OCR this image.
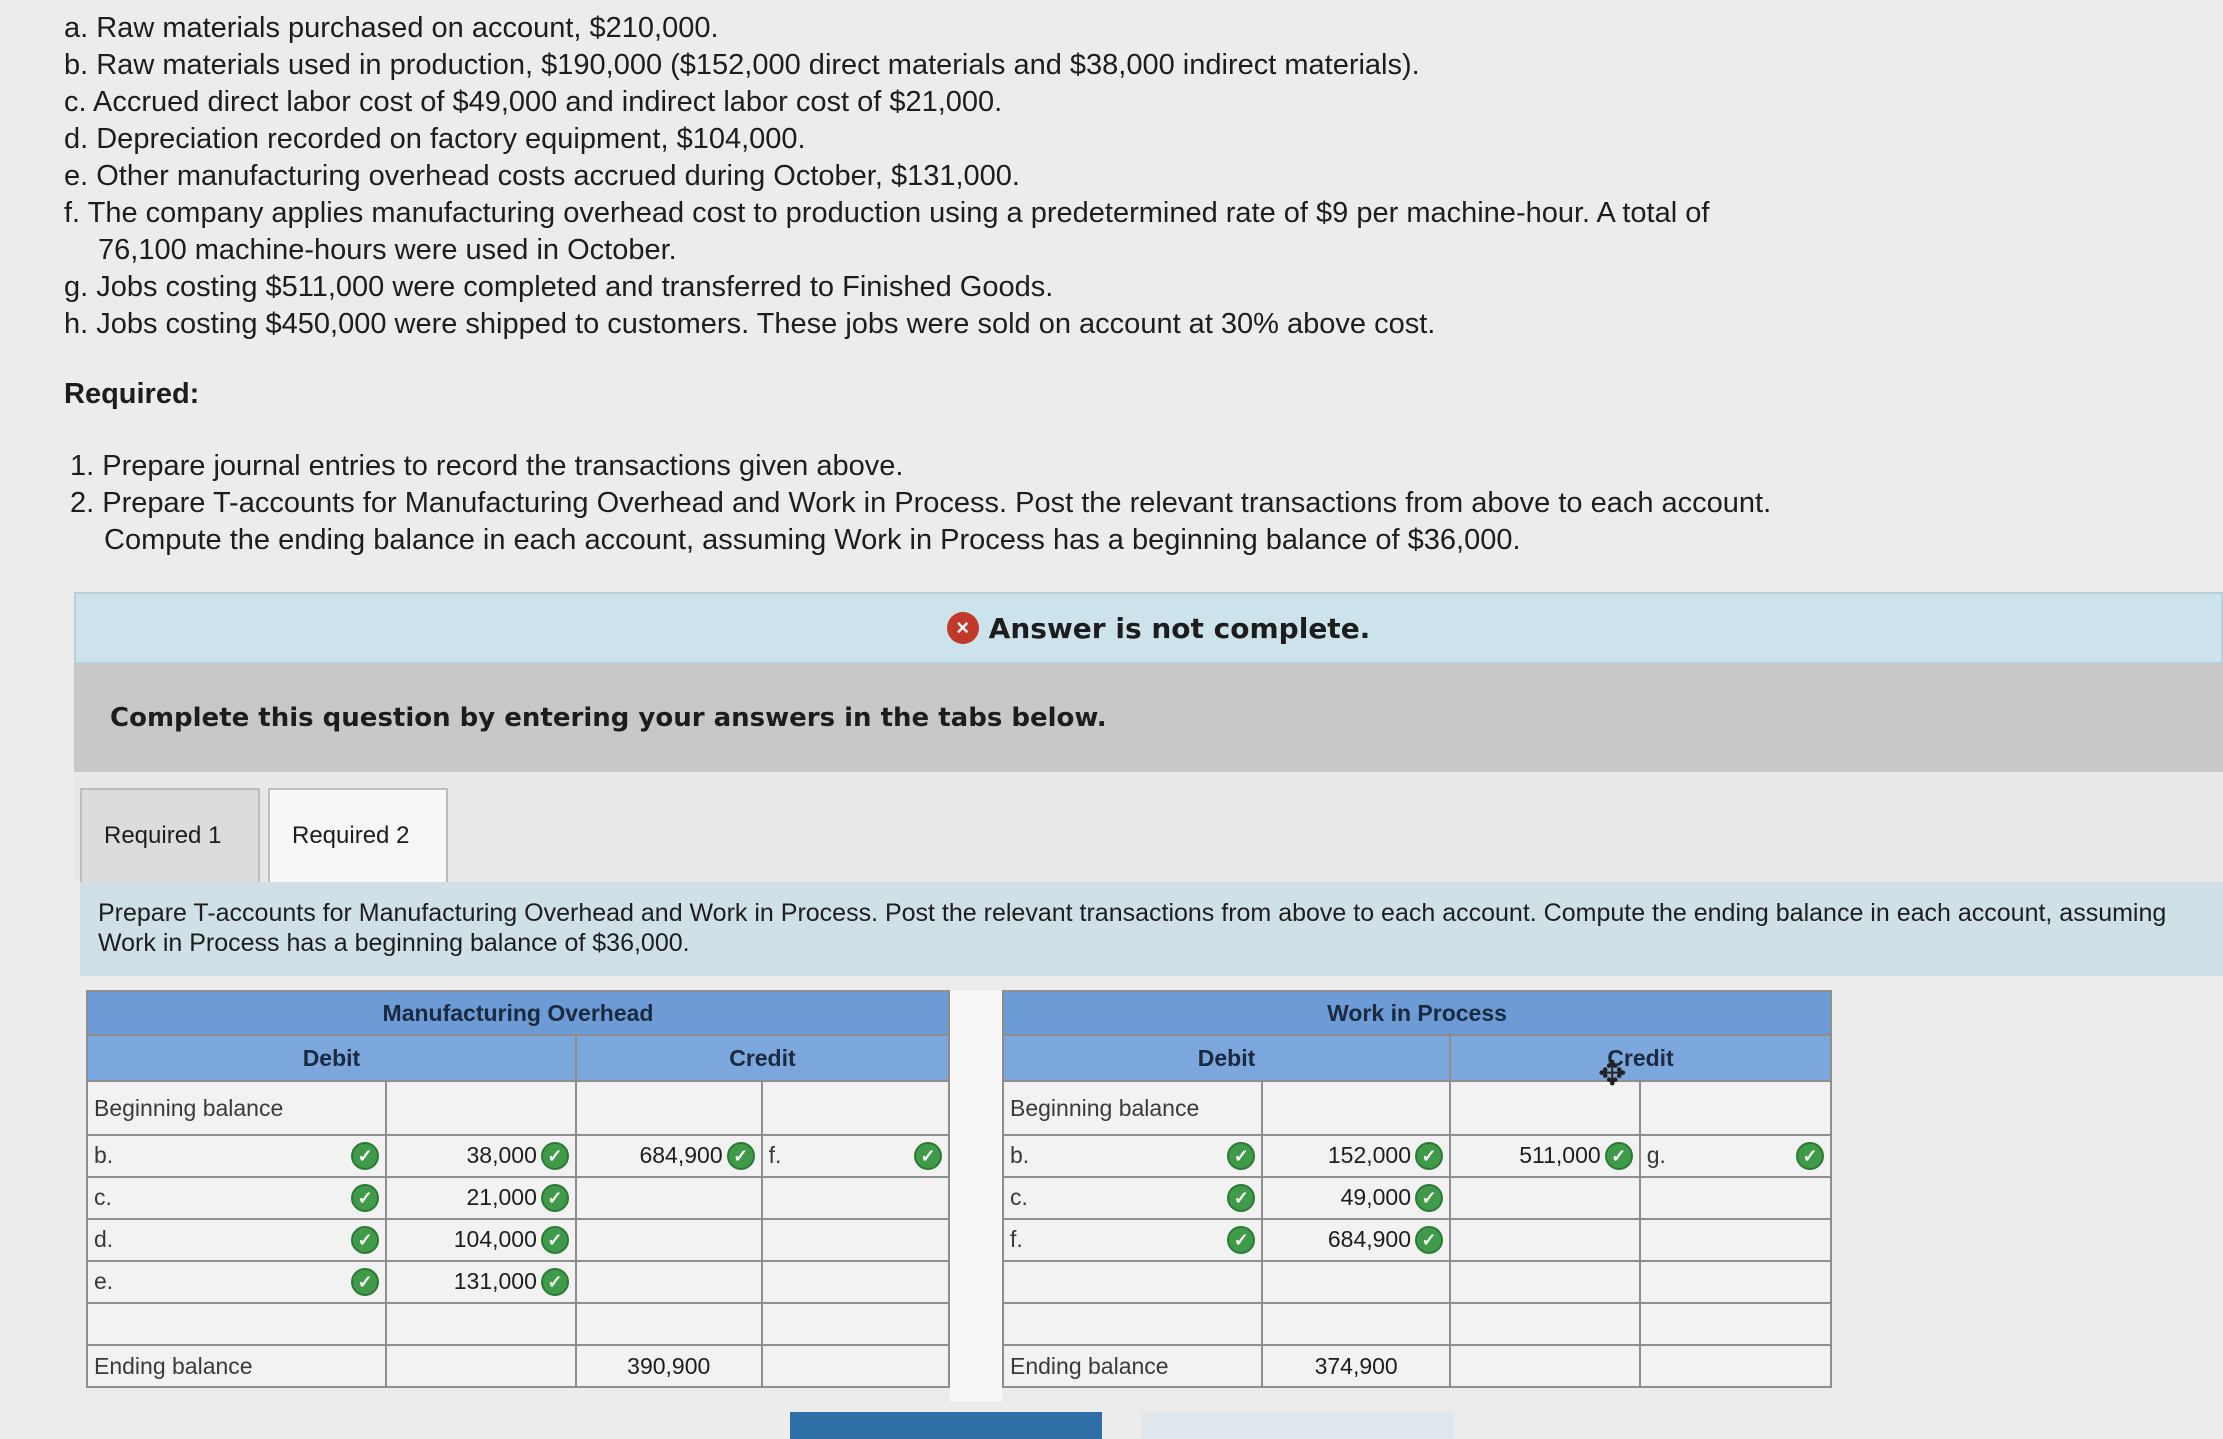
a. Raw materials purchased on account, $210,000.
b. Raw materials used in production, $190,000 ($152,000 direct materials and $38,000 indirect materials).
c. Accrued direct labor cost of $49,000 and indirect labor cost of $21,000.
d. Depreciation recorded on factory equipment, $104,000.
e. Other manufacturing overhead costs accrued during October, $131,000.
f. The company applies manufacturing overhead cost to production using a predetermined rate of $9 per machine-hour. A total of
76,100 machine-hours were used in October.
g. Jobs costing $511,000 were completed and transferred to Finished Goods.
h. Jobs costing $450,000 were shipped to customers. These jobs were sold on account at 30% above cost.
Required:
1. Prepare journal entries to record the transactions given above.
2. Prepare T-accounts for Manufacturing Overhead and Work in Process. Post the relevant transactions from above to each account.
Compute the ending balance in each account, assuming Work in Process has a beginning balance of $36,000.
× Answer is not complete.
Complete this question by entering your answers in the tabs below.
Required 1	Required 2
Prepare T-accounts for Manufacturing Overhead and Work in Process. Post the relevant transactions from above to each account. Compute the ending balance in each account, assuming Work in Process has a beginning balance of $36,000.
Manufacturing Overhead			
Debit		Credit	
Beginning balance			
b. ✓	38,000 ✓	684,900 ✓	f. ✓

c. ✓	21,000 ✓		
d. ✓	104,000 ✓		
e. ✓	131,000 ✓		

Ending balance		390,900	
Work in Process			
Debit		Credit	
Beginning balance			
b. ✓	152,000 ✓	511,000 ✓	g. ✓

c. ✓	49,000 ✓		
f. ✓	684,900 ✓		

Ending balance	374,900		
✥
